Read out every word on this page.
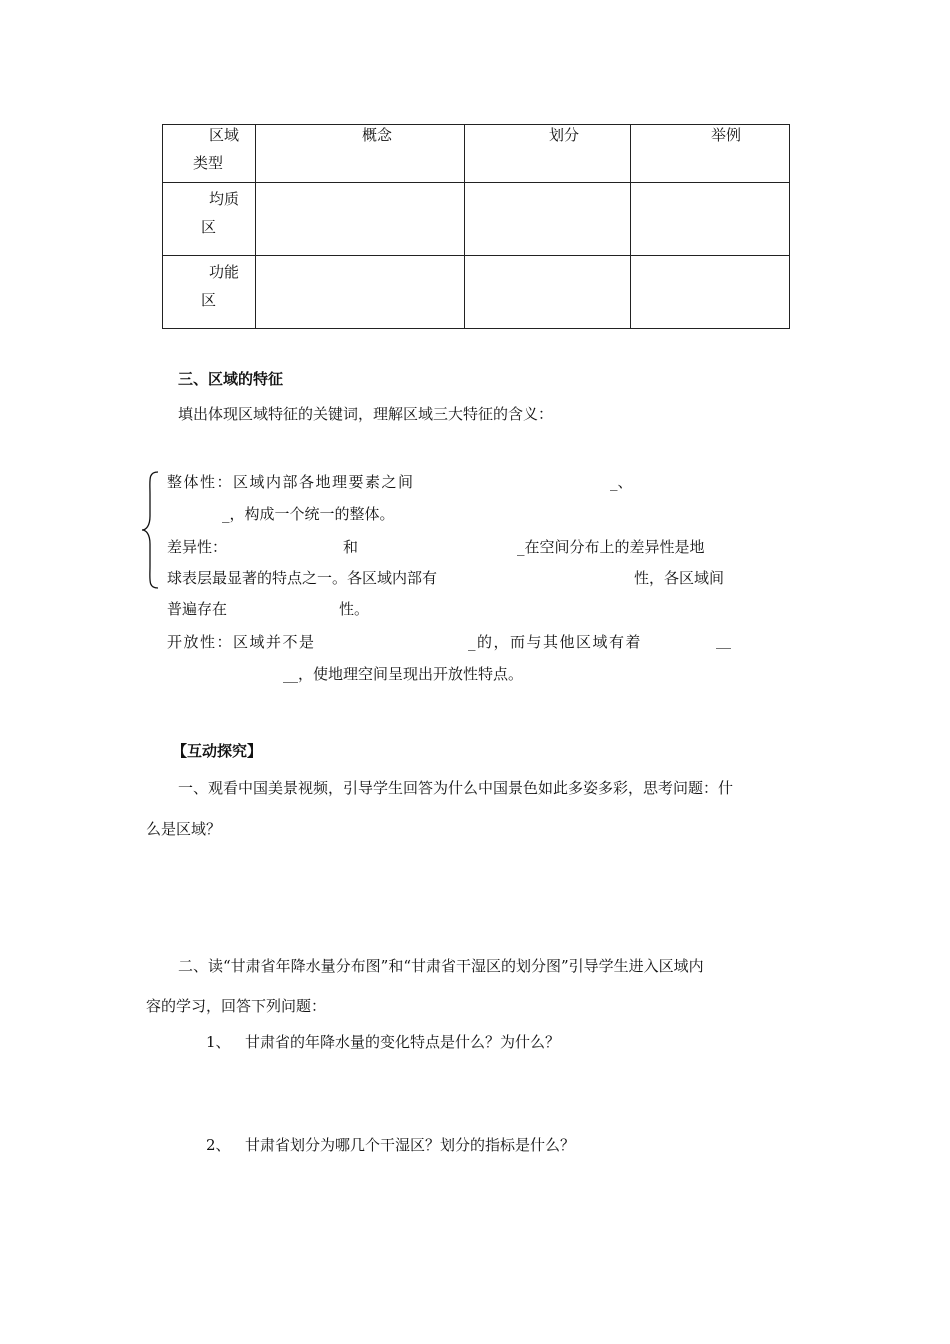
区域
类型	概念	划分	举例

均质
区			

功能
区			

三、区域的特征
填出体现区域特征的关键词，理解区域三大特征的含义：
整体性：区域内部各地理要素之间	_、
_，构成一个统一的整体。
差异性：	和	_在空间分布上的差异性是地
球表层最显著的特点之一。各区域内部有	性，各区域间
普遍存在	性。
开放性：区域并不是	_的，而与其他区域有着	__
__，使地理空间呈现出开放性特点。
【互动探究】
一、观看中国美景视频，引导学生回答为什么中国景色如此多姿多彩，思考问题：什
么是区域？
二、读“甘肃省年降水量分布图”和“甘肃省干湿区的划分图”引导学生进入区域内
容的学习，回答下列问题：
1、 甘肃省的年降水量的变化特点是什么？为什么？
2、 甘肃省划分为哪几个干湿区？划分的指标是什么？
